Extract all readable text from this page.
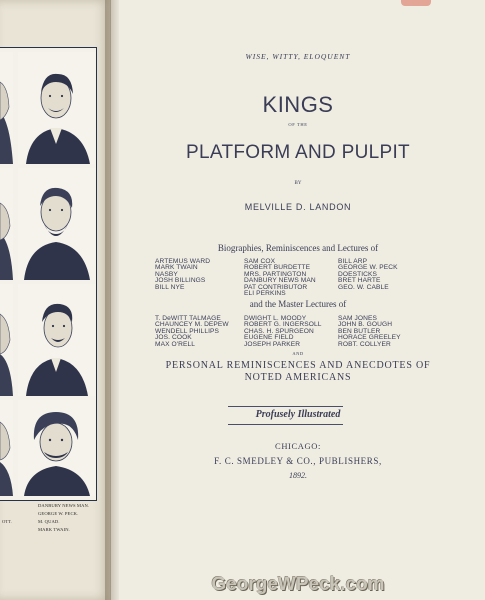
DANBURY NEWS MAN.
GEORGE W. PECK.
M. QUAD.
MARK TWAIN.
OTT.
WISE, WITTY, ELOQUENT
KINGS
OF THE
PLATFORM AND PULPIT
BY
MELVILLE D. LANDON
Biographies, Reminiscences and Lectures of
ARTEMUS WARD
MARK TWAIN
NASBY
JOSH BILLINGS
BILL NYE
SAM COX
ROBERT BURDETTE
MRS. PARTINGTON
DANBURY NEWS MAN
PAT CONTRIBUTOR
ELI PERKINS
BILL ARP
GEORGE W. PECK
DOESTICKS
BRET HARTE
GEO. W. CABLE
and the Master Lectures of
T. DeWITT TALMAGE
CHAUNCEY M. DEPEW
WENDELL PHILLIPS
JOS. COOK
MAX O'RELL
DWIGHT L. MOODY
ROBERT G. INGERSOLL
CHAS. H. SPURGEON
EUGENE FIELD
JOSEPH PARKER
SAM JONES
JOHN B. GOUGH
BEN BUTLER
HORACE GREELEY
ROBT. COLLYER
AND
PERSONAL REMINISCENCES AND ANECDOTES OF
NOTED AMERICANS
Profusely Illustrated
CHICAGO:
F. C. SMEDLEY & CO., PUBLISHERS,
1892.
GeorgeWPeck.com
